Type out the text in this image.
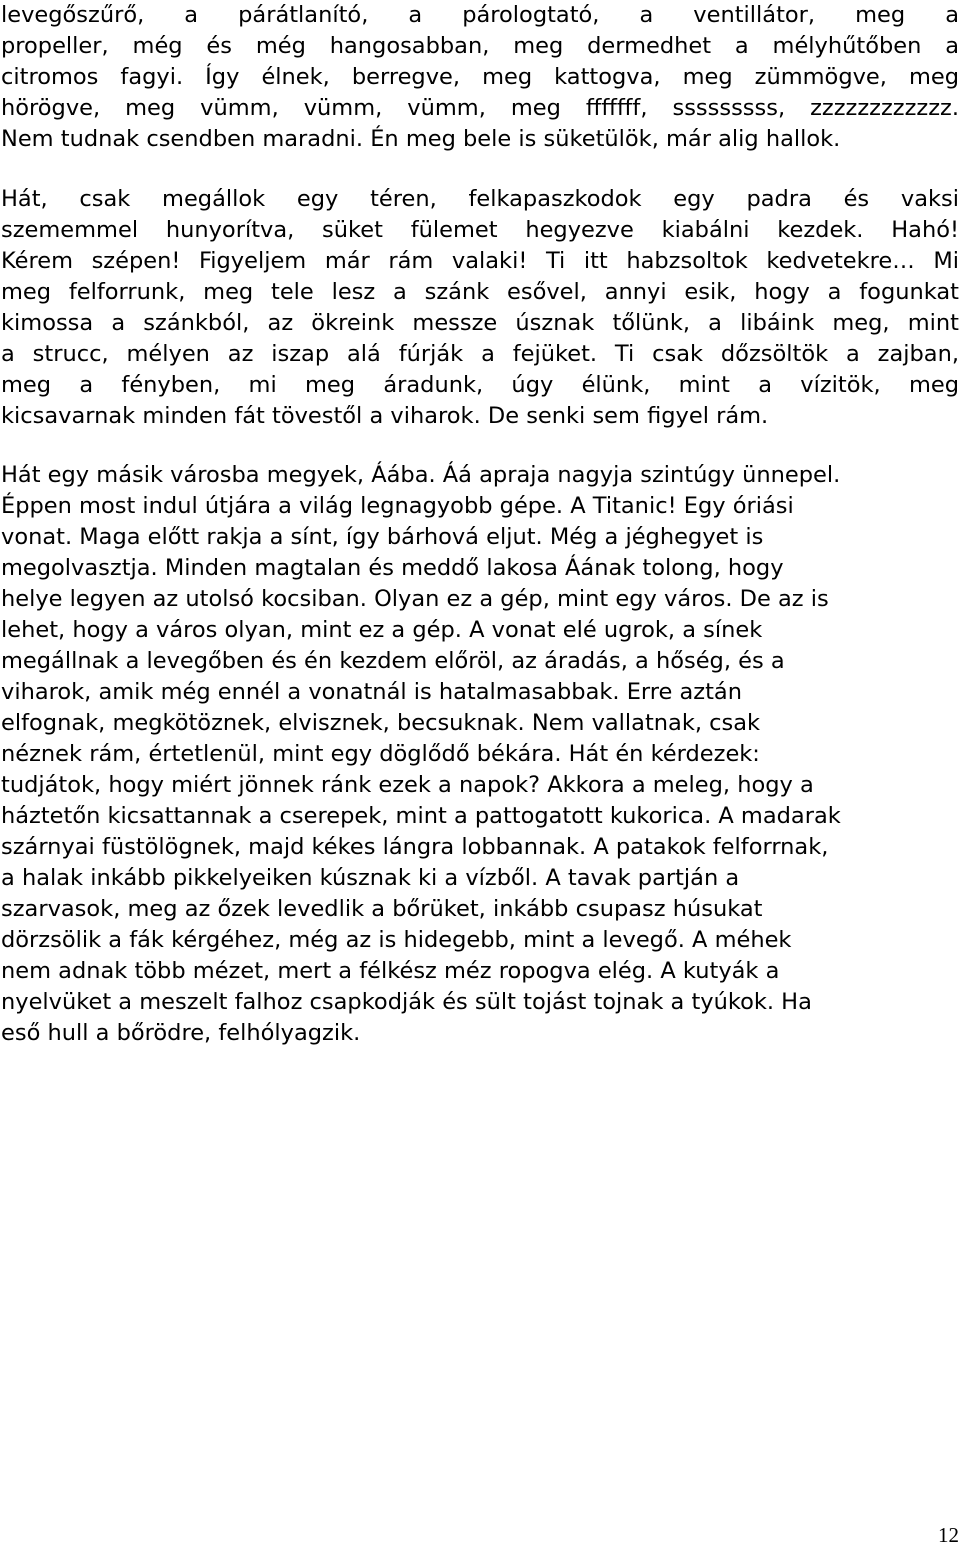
levegőszűrő, a párátlanító, a párologtató, a ventillátor, meg a
propeller, még és még hangosabban, meg dermedhet a mélyhűtőben a
citromos fagyi. Így élnek, berregve, meg kattogva, meg zümmögve, meg
hörögve, meg vümm, vümm, vümm, meg fffffff, sssssssss, zzzzzzzzzzzz.
Nem tudnak csendben maradni. Én meg bele is süketülök, már alig hallok.
Hát, csak megállok egy téren, felkapaszkodok egy padra és vaksi
szememmel hunyorítva, süket fülemet hegyezve kiabálni kezdek. Hahó!
Kérem szépen! Figyeljem már rám valaki! Ti itt habzsoltok kedvetekre… Mi
meg felforrunk, meg tele lesz a szánk esővel, annyi esik, hogy a fogunkat
kimossa a szánkból, az ökreink messze úsznak tőlünk, a libáink meg, mint
a strucc, mélyen az iszap alá fúrják a fejüket. Ti csak dőzsöltök a zajban,
meg a fényben, mi meg áradunk, úgy élünk, mint a vízitök, meg
kicsavarnak minden fát tövestől a viharok. De senki sem figyel rám.
Hát egy másik városba megyek, Áába. Áá apraja nagyja szintúgy ünnepel.
Éppen most indul útjára a világ legnagyobb gépe. A Titanic! Egy óriási
vonat. Maga előtt rakja a sínt, így bárhová eljut. Még a jéghegyet is
megolvasztja. Minden magtalan és meddő lakosa Áának tolong, hogy
helye legyen az utolsó kocsiban. Olyan ez a gép, mint egy város. De az is
lehet, hogy a város olyan, mint ez a gép. A vonat elé ugrok, a sínek
megállnak a levegőben és én kezdem előröl, az áradás, a hőség, és a
viharok, amik még ennél a vonatnál is hatalmasabbak. Erre aztán
elfognak, megkötöznek, elvisznek, becsuknak. Nem vallatnak, csak
néznek rám, értetlenül, mint egy döglődő békára. Hát én kérdezek:
tudjátok, hogy miért jönnek ránk ezek a napok? Akkora a meleg, hogy a
háztetőn kicsattannak a cserepek, mint a pattogatott kukorica. A madarak
szárnyai füstölögnek, majd kékes lángra lobbannak. A patakok felforrnak,
a halak inkább pikkelyeiken kúsznak ki a vízből. A tavak partján a
szarvasok, meg az őzek levedlik a bőrüket, inkább csupasz húsukat
dörzsölik a fák kérgéhez, még az is hidegebb, mint a levegő. A méhek
nem adnak több mézet, mert a félkész méz ropogva elég. A kutyák a
nyelvüket a meszelt falhoz csapkodják és sült tojást tojnak a tyúkok. Ha
eső hull a bőrödre, felhólyagzik.
12
